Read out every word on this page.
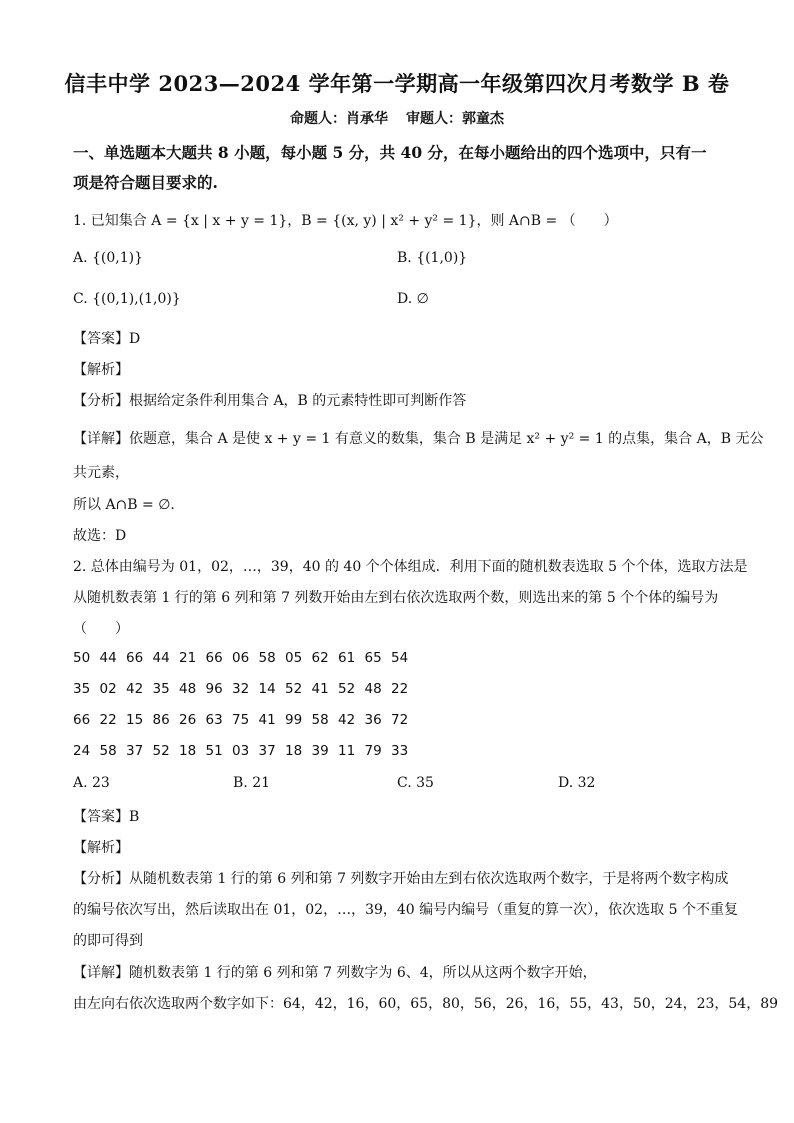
信丰中学 2023—2024 学年第一学期高一年级第四次月考数学 B 卷
命题人：肖承华 审题人：郭童杰
一、单选题本大题共 8 小题，每小题 5 分，共 40 分，在每小题给出的四个选项中，只有一
项是符合题目要求的.
1. 已知集合 A = {x | x + y = 1}，B = {(x, y) | x² + y² = 1}，则 A∩B = （　　）
A. {(0,1)}	B. {(1,0)}
C. {(0,1),(1,0)}	D. ∅
【答案】D
【解析】
【分析】根据给定条件利用集合 A，B 的元素特性即可判断作答
【详解】依题意，集合 A 是使 x + y = 1 有意义的数集，集合 B 是满足 x² + y² = 1 的点集，集合 A，B 无公
共元素，
所以 A∩B = ∅.
故选：D
2. 总体由编号为 01，02，…，39，40 的 40 个个体组成．利用下面的随机数表选取 5 个个体，选取方法是
从随机数表第 1 行的第 6 列和第 7 列数开始由左到右依次选取两个数，则选出来的第 5 个个体的编号为
（　　）
50 44 66 44 21 66 06 58 05 62 61 65 54
35 02 42 35 48 96 32 14 52 41 52 48 22
66 22 15 86 26 63 75 41 99 58 42 36 72
24 58 37 52 18 51 03 37 18 39 11 79 33
A. 23	B. 21	C. 35	D. 32
【答案】B
【解析】
【分析】从随机数表第 1 行的第 6 列和第 7 列数字开始由左到右依次选取两个数字，于是将两个数字构成
的编号依次写出，然后读取出在 01，02，…，39，40 编号内编号（重复的算一次），依次选取 5 个不重复
的即可得到
【详解】随机数表第 1 行的第 6 列和第 7 列数字为 6、4，所以从这两个数字开始，
由左向右依次选取两个数字如下：64，42，16，60，65，80，56，26，16，55，43，50，24，23，54，89
